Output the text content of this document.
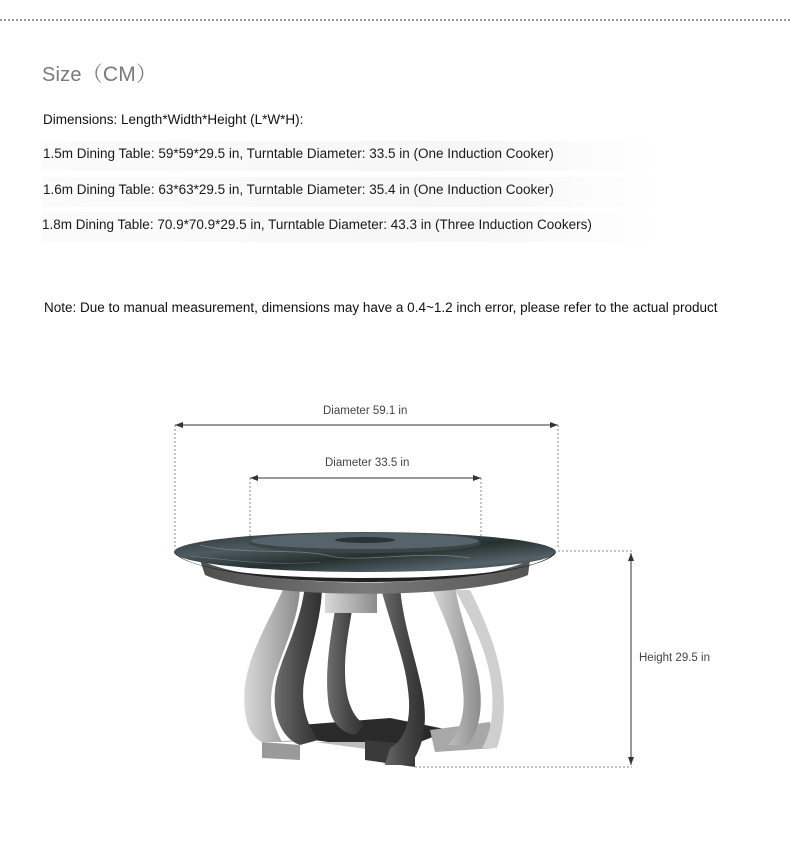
Size（CM）
Dimensions: Length*Width*Height (L*W*H):
1.5m Dining Table: 59*59*29.5 in, Turntable Diameter: 33.5 in (One Induction Cooker)
1.6m Dining Table: 63*63*29.5 in, Turntable Diameter: 35.4 in (One Induction Cooker)
1.8m Dining Table: 70.9*70.9*29.5 in, Turntable Diameter: 43.3 in (Three Induction Cookers)
Note: Due to manual measurement, dimensions may have a 0.4~1.2 inch error, please refer to the actual product
Diameter 59.1 in
Diameter 33.5 in
Height 29.5 in
